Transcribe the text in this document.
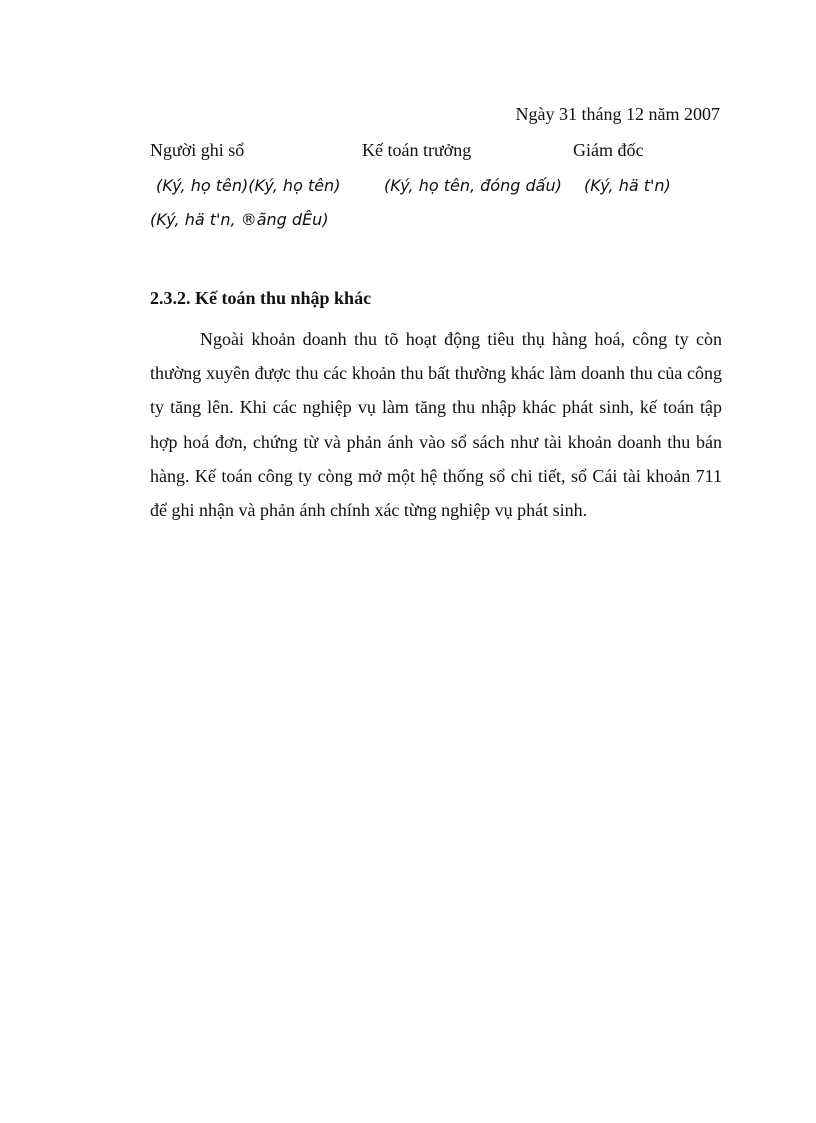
Ngày 31 tháng 12 năm 2007
Người ghi sổ	Kế toán trưởng	Giám đốc
(Ký, họ tên)(Ký, họ tên)	(Ký, họ tên, đóng dấu) (Ký, hä t'n)
(Ký, hä t'n, ®ãng dÊu)
2.3.2. Kế toán thu nhập khác

Ngoài khoản doanh thu tõ hoạt động tiêu thụ hàng hoá, công ty còn thường xuyên được thu các khoản thu bất thường khác làm doanh thu của công ty tăng lên. Khi các nghiệp vụ làm tăng thu nhập khác phát sinh, kế toán tập hợp hoá đơn, chứng từ và phản ánh vào sổ sách như tài khoản doanh thu bán hàng. Kế toán công ty còng mở một hệ thống sổ chi tiết, sổ Cái tài khoản 711 để ghi nhận và phản ánh chính xác từng nghiệp vụ phát sinh.
